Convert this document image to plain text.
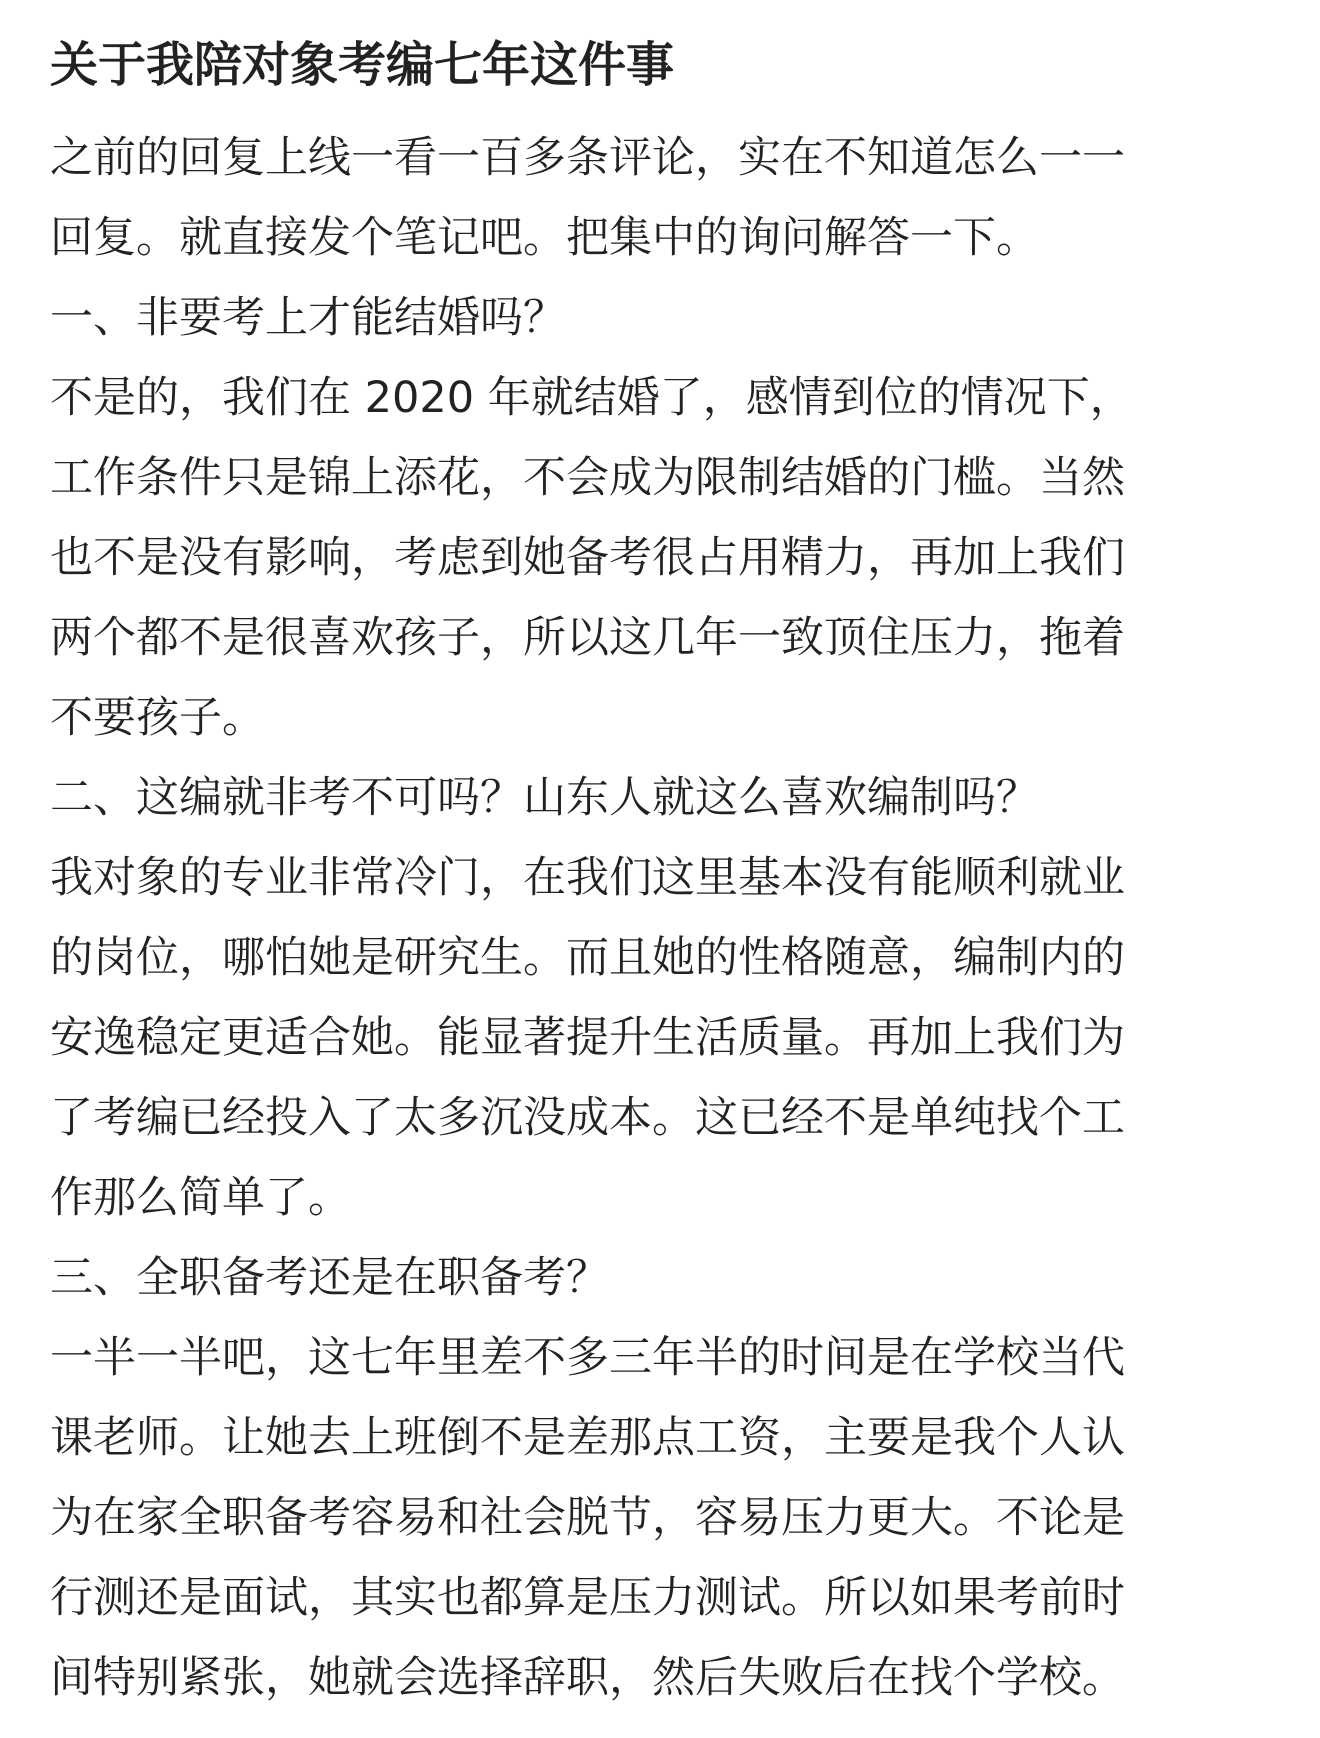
关于我陪对象考编七年这件事

之前的回复上线一看一百多条评论，实在不知道怎么一一

回复。就直接发个笔记吧。把集中的询问解答一下。

一、非要考上才能结婚吗？

不是的，我们在 2020 年就结婚了，感情到位的情况下，

工作条件只是锦上添花，不会成为限制结婚的门槛。当然

也不是没有影响，考虑到她备考很占用精力，再加上我们

两个都不是很喜欢孩子，所以这几年一致顶住压力，拖着

不要孩子。

二、这编就非考不可吗？山东人就这么喜欢编制吗？

我对象的专业非常冷门，在我们这里基本没有能顺利就业

的岗位，哪怕她是研究生。而且她的性格随意，编制内的

安逸稳定更适合她。能显著提升生活质量。再加上我们为

了考编已经投入了太多沉没成本。这已经不是单纯找个工

作那么简单了。

三、全职备考还是在职备考？

一半一半吧，这七年里差不多三年半的时间是在学校当代

课老师。让她去上班倒不是差那点工资，主要是我个人认

为在家全职备考容易和社会脱节，容易压力更大。不论是

行测还是面试，其实也都算是压力测试。所以如果考前时

间特别紧张，她就会选择辞职，然后失败后在找个学校。
